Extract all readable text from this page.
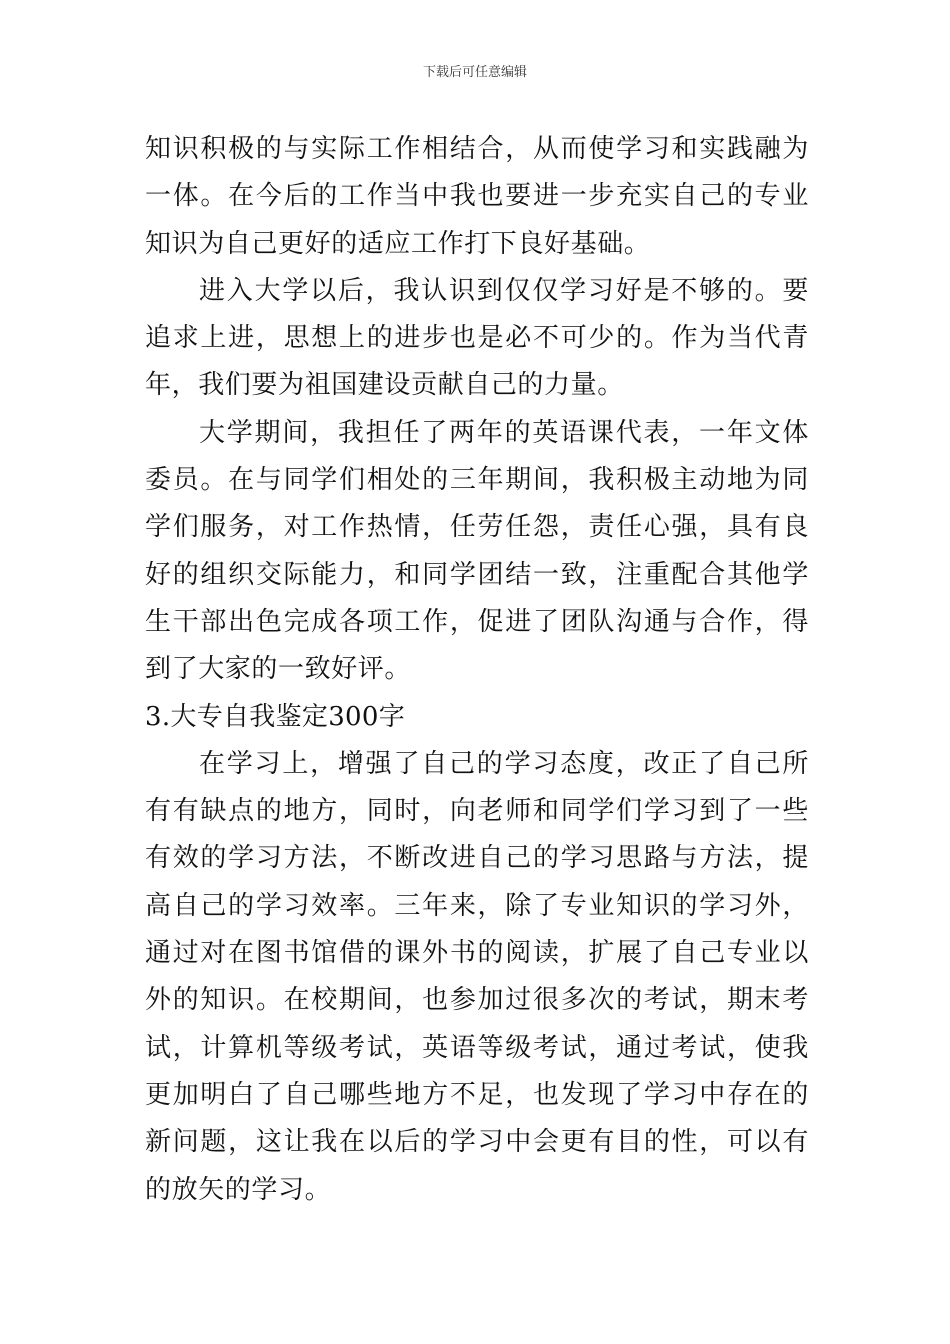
下载后可任意编辑

知识积极的与实际工作相结合，从而使学习和实践融为一体。在今后的工作当中我也要进一步充实自己的专业知识为自己更好的适应工作打下良好基础。

进入大学以后，我认识到仅仅学习好是不够的。要追求上进，思想上的进步也是必不可少的。作为当代青年，我们要为祖国建设贡献自己的力量。

大学期间，我担任了两年的英语课代表，一年文体委员。在与同学们相处的三年期间，我积极主动地为同学们服务，对工作热情，任劳任怨，责任心强，具有良好的组织交际能力，和同学团结一致，注重配合其他学生干部出色完成各项工作，促进了团队沟通与合作，得到了大家的一致好评。

3.大专自我鉴定300字

在学习上，增强了自己的学习态度，改正了自己所有有缺点的地方，同时，向老师和同学们学习到了一些有效的学习方法，不断改进自己的学习思路与方法，提高自己的学习效率。三年来，除了专业知识的学习外，通过对在图书馆借的课外书的阅读，扩展了自己专业以外的知识。在校期间，也参加过很多次的考试，期末考试，计算机等级考试，英语等级考试，通过考试，使我更加明白了自己哪些地方不足，也发现了学习中存在的新问题，这让我在以后的学习中会更有目的性，可以有的放矢的学习。
